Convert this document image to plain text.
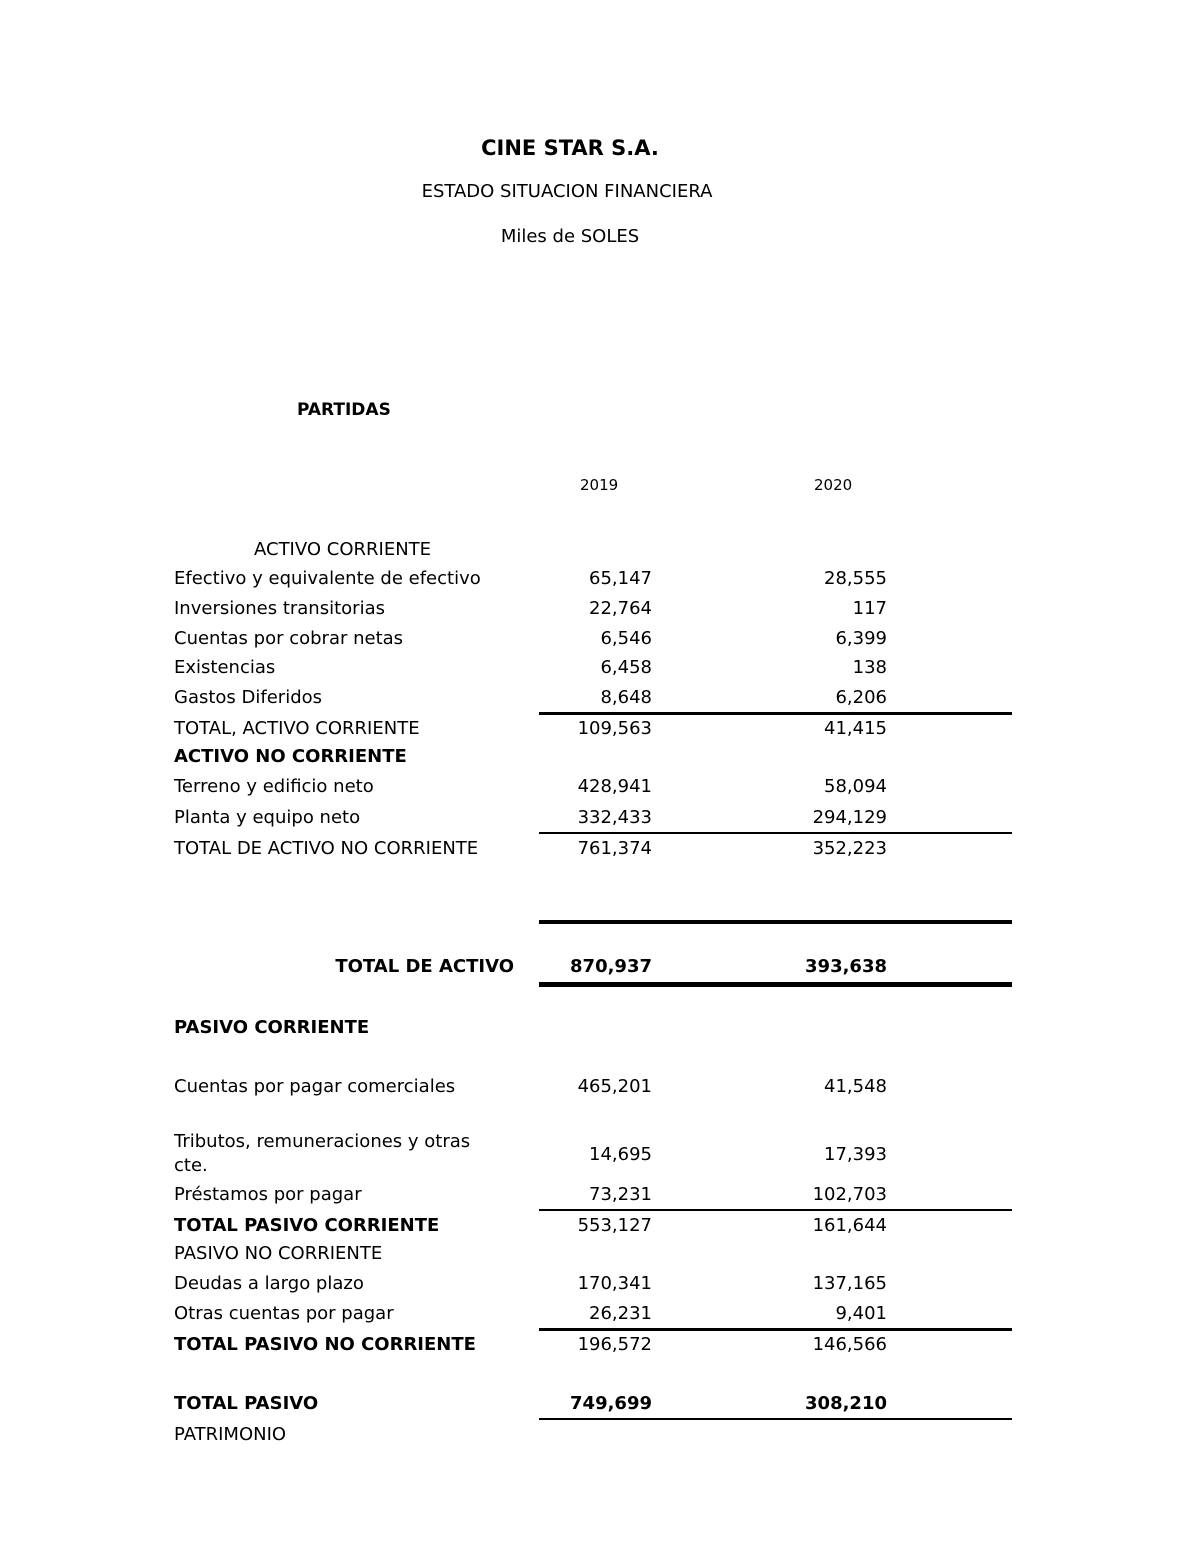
CINE STAR S.A.
ESTADO SITUACION FINANCIERA
Miles de SOLES
PARTIDAS
2019	2020
ACTIVO CORRIENTE
Efectivo y equivalente de efectivo	65,147	28,555
Inversiones transitorias	22,764	117
Cuentas por cobrar netas	6,546	6,399
Existencias	6,458	138
Gastos Diferidos	8,648	6,206
TOTAL, ACTIVO CORRIENTE	109,563	41,415
ACTIVO NO CORRIENTE
Terreno y edificio neto	428,941	58,094
Planta y equipo neto	332,433	294,129
TOTAL DE ACTIVO NO CORRIENTE	761,374	352,223
TOTAL DE ACTIVO	870,937	393,638
PASIVO CORRIENTE
Cuentas por pagar comerciales	465,201	41,548
Tributos, remuneraciones y otras
cte.
14,695	17,393
Préstamos por pagar	73,231	102,703
TOTAL PASIVO CORRIENTE	553,127	161,644
PASIVO NO CORRIENTE
Deudas a largo plazo	170,341	137,165
Otras cuentas por pagar	26,231	9,401
TOTAL PASIVO NO CORRIENTE	196,572	146,566
TOTAL PASIVO	749,699	308,210
PATRIMONIO
